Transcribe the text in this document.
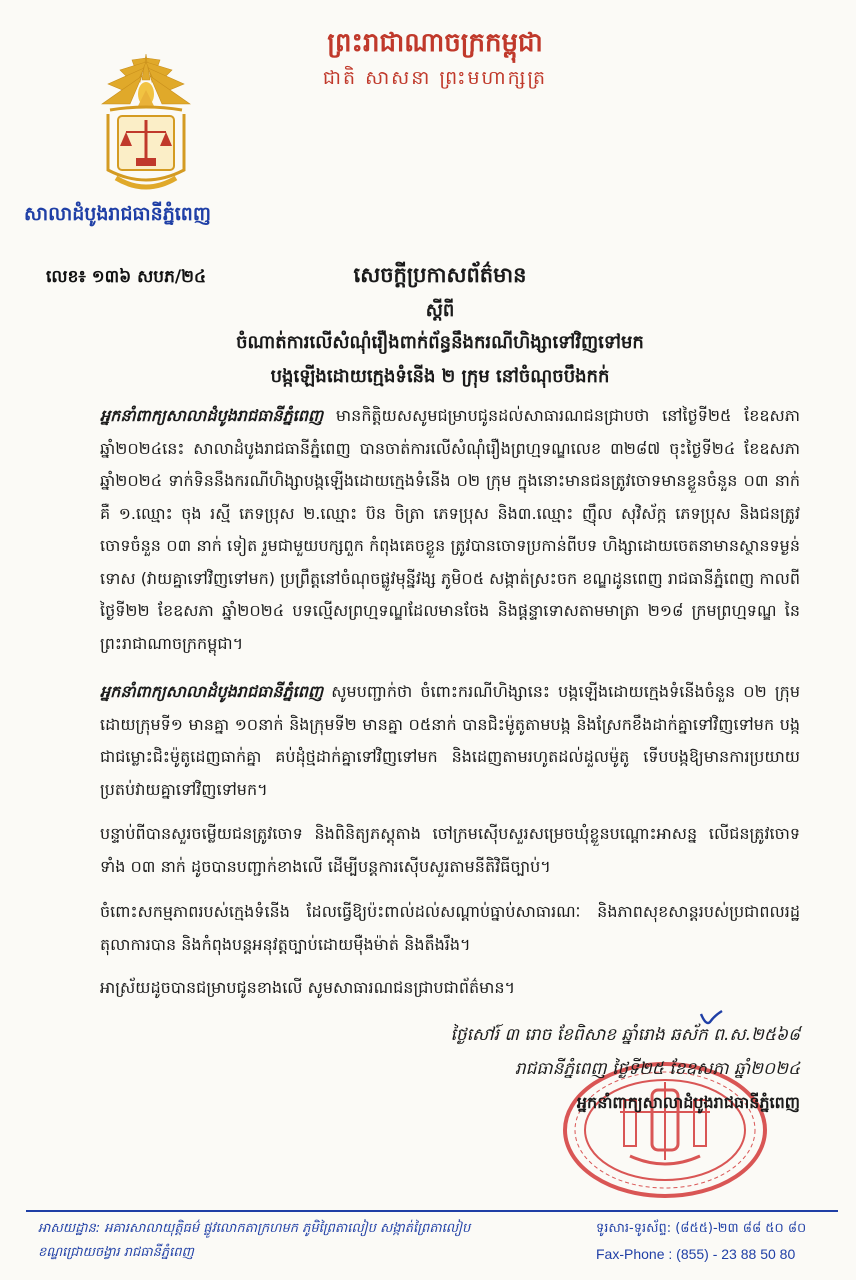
ព្រះរាជាណាចក្រកម្ពុជា
ជាតិ សាសនា ព្រះមហាក្សត្រ
សាលាដំបូងរាជធានីភ្នំពេញ
លេខ៖ ១៣៦ សបភ/២៤	សេចក្តីប្រកាសព័ត៌មាន
ស្តីពី
ចំណាត់ការលើសំណុំរឿងពាក់ព័ន្ធនឹងករណីហិង្សាទៅវិញទៅមក
បង្កឡើងដោយក្មេងទំនើង ២ ក្រុម នៅចំណុចបឹងកក់
អ្នកនាំពាក្យសាលាដំបូងរាជធានីភ្នំពេញ មានកិត្តិយសសូមជម្រាបជូនដល់សាធារណជនជ្រាបថា នៅថ្ងៃទី២៥ ខែឧសភា ឆ្នាំ២០២៤នេះ សាលាដំបូងរាជធានីភ្នំពេញ បានចាត់ការលើសំណុំរឿងព្រហ្មទណ្ឌលេខ ៣២៨៧ ចុះថ្ងៃទី២៤ ខែឧសភា ឆ្នាំ២០២៤ ទាក់ទិននឹងករណីហិង្សាបង្កឡើងដោយក្មេងទំនើង ០២ ក្រុម ក្នុងនោះមានជនត្រូវចោទមានខ្លួនចំនួន ០៣ នាក់ គឺ ១.ឈ្មោះ ចុង រស្មី ភេទប្រុស ២.ឈ្មោះ ប៊ន ចិត្រា ភេទប្រុស និង៣.ឈ្មោះ ញ៉ឹល សុវិស័ក្ក ភេទប្រុស និងជនត្រូវចោទចំនួន ០៣ នាក់ ទៀត រួមជាមួយបក្សពួក កំពុងគេចខ្លួន ត្រូវបានចោទប្រកាន់ពីបទ ហិង្សាដោយចេតនាមានស្ថានទម្ងន់ទោស (វាយគ្នាទៅវិញទៅមក) ប្រព្រឹត្តនៅចំណុចផ្លូវមុន្នីវង្ស ភូមិ០៥ សង្កាត់ស្រះចក ខណ្ឌដូនពេញ រាជធានីភ្នំពេញ កាលពីថ្ងៃទី២២ ខែឧសភា ឆ្នាំ២០២៤ បទល្មើសព្រហ្មទណ្ឌដែលមានចែង និងផ្តន្ទាទោសតាមមាត្រា ២១៨ ក្រមព្រហ្មទណ្ឌ នៃព្រះរាជាណាចក្រកម្ពុជា។
អ្នកនាំពាក្យសាលាដំបូងរាជធានីភ្នំពេញ សូមបញ្ជាក់ថា ចំពោះករណីហិង្សានេះ បង្កឡើងដោយក្មេងទំនើងចំនួន ០២ ក្រុម ដោយក្រុមទី១ មានគ្នា ១០នាក់ និងក្រុមទី២ មានគ្នា ០៥នាក់ បានជិះម៉ូតូតាមបង្ក និងស្រែកខឹងដាក់គ្នាទៅវិញទៅមក បង្កជាជម្លោះជិះម៉ូតូដេញធាក់គ្នា គប់ដុំថ្មដាក់គ្នាទៅវិញទៅមក និងដេញតាមរហូតដល់ដួលម៉ូតូ ទើបបង្កឱ្យមានការប្រយាយប្រតប់វាយគ្នាទៅវិញទៅមក។
បន្ទាប់ពីបានសួរចម្លើយជនត្រូវចោទ និងពិនិត្យភស្តុតាង ចៅក្រមស៊ើបសួរសម្រេចឃុំខ្លួនបណ្តោះអាសន្ន លើជនត្រូវចោទទាំង ០៣ នាក់ ដូចបានបញ្ជាក់ខាងលើ ដើម្បីបន្តការស៊ើបសួរតាមនីតិវិធីច្បាប់។
ចំពោះសកម្មភាពរបស់ក្មេងទំនើង ដែលធ្វើឱ្យប៉ះពាល់ដល់សណ្តាប់ធ្នាប់សាធារណៈ និងភាពសុខសាន្តរបស់ប្រជាពលរដ្ឋ តុលាការបាន និងកំពុងបន្តអនុវត្តច្បាប់ដោយម៉ឺងម៉ាត់ និងតឹងរឹង។
អាស្រ័យដូចបានជម្រាបជូនខាងលើ សូមសាធារណជនជ្រាបជាព័ត៌មាន។
ថ្ងៃសៅរ៍ ៣ រោច ខែពិសាខ ឆ្នាំរោង ឆស័ក ព.ស.២៥៦៨
រាជធានីភ្នំពេញ ថ្ងៃទី២៥ ខែឧសភា ឆ្នាំ២០២៤
អ្នកនាំពាក្យសាលាដំបូងរាជធានីភ្នំពេញ
អាសយដ្ឋាន: អគារសាលាយុត្តិធម៌ ផ្លូវលោកតាក្រហមក ភូមិព្រៃតាលៀប សង្កាត់ព្រៃតាលៀប
ខណ្ឌជ្រោយចង្វារ រាជធានីភ្នំពេញ
ទូរសារ-ទូរស័ព្ទ: (៨៥៥)-២៣ ៨៨ ៥០ ៨០
Fax-Phone : (855) - 23 88 50 80
